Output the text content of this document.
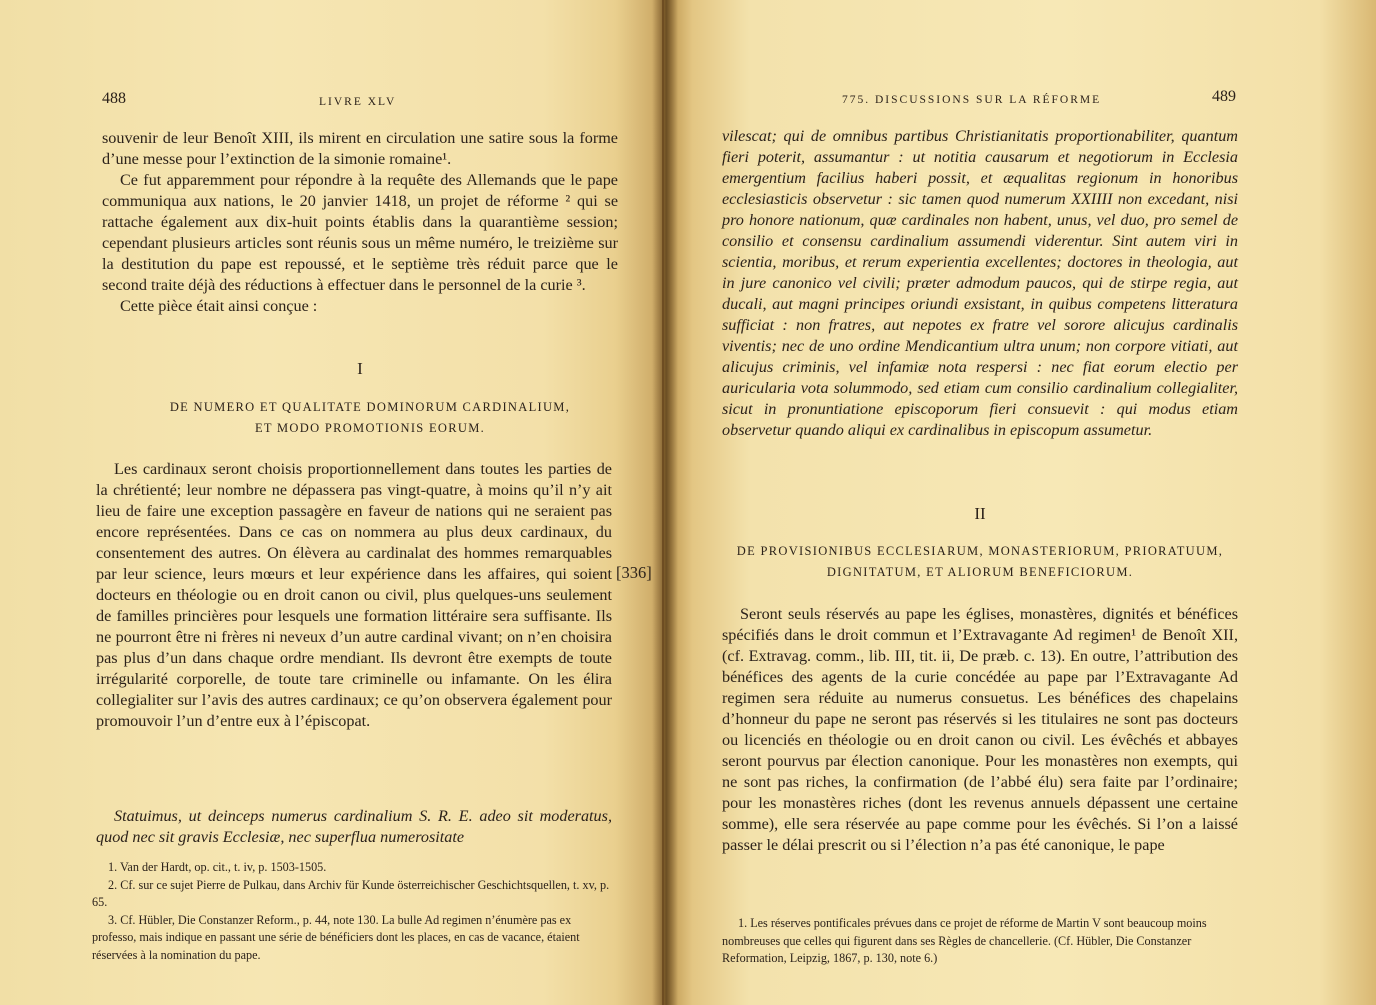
488	LIVRE XLV

souvenir de leur Benoît XIII, ils mirent en circulation une satire sous la forme d’une messe pour l’extinction de la simonie romaine¹.

Ce fut apparemment pour répondre à la requête des Allemands que le pape communiqua aux nations, le 20 janvier 1418, un projet de réforme ² qui se rattache également aux dix-huit points établis dans la quarantième session; cependant plusieurs articles sont réunis sous un même numéro, le treizième sur la destitution du pape est repoussé, et le septième très réduit parce que le second traite déjà des réductions à effectuer dans le personnel de la curie ³.

Cette pièce était ainsi conçue :

I
DE NUMERO ET QUALITATE DOMINORUM CARDINALIUM,
ET MODO PROMOTIONIS EORUM.

Les cardinaux seront choisis proportionnellement dans toutes les parties de la chrétienté; leur nombre ne dépassera pas vingt-quatre, à moins qu’il n’y ait lieu de faire une exception passagère en faveur de nations qui ne seraient pas encore représentées. Dans ce cas on nommera au plus deux cardinaux, du consentement des autres. On élèvera au cardinalat des hommes remarquables par leur science, leurs mœurs et leur expérience dans les affaires, qui soient docteurs en théologie ou en droit canon ou civil, plus quelques-uns seulement de familles princières pour lesquels une formation littéraire sera suffisante. Ils ne pourront être ni frères ni neveux d’un autre cardinal vivant; on n’en choisira pas plus d’un dans chaque ordre mendiant. Ils devront être exempts de toute irrégularité corporelle, de toute tare criminelle ou infamante. On les élira collegialiter sur l’avis des autres cardinaux; ce qu’on observera également pour promouvoir l’un d’entre eux à l’épiscopat.

[336]

Statuimus, ut deinceps numerus cardinalium S. R. E. adeo sit moderatus, quod nec sit gravis Ecclesiæ, nec superflua numerositate

1. Van der Hardt, op. cit., t. iv, p. 1503-1505.

2. Cf. sur ce sujet Pierre de Pulkau, dans Archiv für Kunde österreichischer Geschichtsquellen, t. xv, p. 65.

3. Cf. Hübler, Die Constanzer Reform., p. 44, note 130. La bulle Ad regimen n’énumère pas ex professo, mais indique en passant une série de bénéficiers dont les places, en cas de vacance, étaient réservées à la nomination du pape.

775. DISCUSSIONS SUR LA RÉFORME	489

vilescat; qui de omnibus partibus Christianitatis proportionabiliter, quantum fieri poterit, assumantur : ut notitia causarum et negotiorum in Ecclesia emergentium facilius haberi possit, et æqualitas regionum in honoribus ecclesiasticis observetur : sic tamen quod numerum XXIIII non excedant, nisi pro honore nationum, quæ cardinales non habent, unus, vel duo, pro semel de consilio et consensu cardinalium assumendi viderentur. Sint autem viri in scientia, moribus, et rerum experientia excellentes; doctores in theologia, aut in jure canonico vel civili; præter admodum paucos, qui de stirpe regia, aut ducali, aut magni principes oriundi exsistant, in quibus competens litteratura sufficiat : non fratres, aut nepotes ex fratre vel sorore alicujus cardinalis viventis; nec de uno ordine Mendicantium ultra unum; non corpore vitiati, aut alicujus criminis, vel infamiæ nota respersi : nec fiat eorum electio per auricularia vota solummodo, sed etiam cum consilio cardinalium collegialiter, sicut in pronuntiatione episcoporum fieri consuevit : qui modus etiam observetur quando aliqui ex cardinalibus in episcopum assumetur.

II
DE PROVISIONIBUS ECCLESIARUM, MONASTERIORUM, PRIORATUUM,
DIGNITATUM, ET ALIORUM BENEFICIORUM.

Seront seuls réservés au pape les églises, monastères, dignités et bénéfices spécifiés dans le droit commun et l’Extravagante Ad regimen¹ de Benoît XII, (cf. Extravag. comm., lib. III, tit. ii, De præb. c. 13). En outre, l’attribution des bénéfices des agents de la curie concédée au pape par l’Extravagante Ad regimen sera réduite au numerus consuetus. Les bénéfices des chapelains d’honneur du pape ne seront pas réservés si les titulaires ne sont pas docteurs ou licenciés en théologie ou en droit canon ou civil. Les évêchés et abbayes seront pourvus par élection canonique. Pour les monastères non exempts, qui ne sont pas riches, la confirmation (de l’abbé élu) sera faite par l’ordinaire; pour les monastères riches (dont les revenus annuels dépassent une certaine somme), elle sera réservée au pape comme pour les évêchés. Si l’on a laissé passer le délai prescrit ou si l’élection n’a pas été canonique, le pape

1. Les réserves pontificales prévues dans ce projet de réforme de Martin V sont beaucoup moins nombreuses que celles qui figurent dans ses Règles de chancellerie. (Cf. Hübler, Die Constanzer Reformation, Leipzig, 1867, p. 130, note 6.)
